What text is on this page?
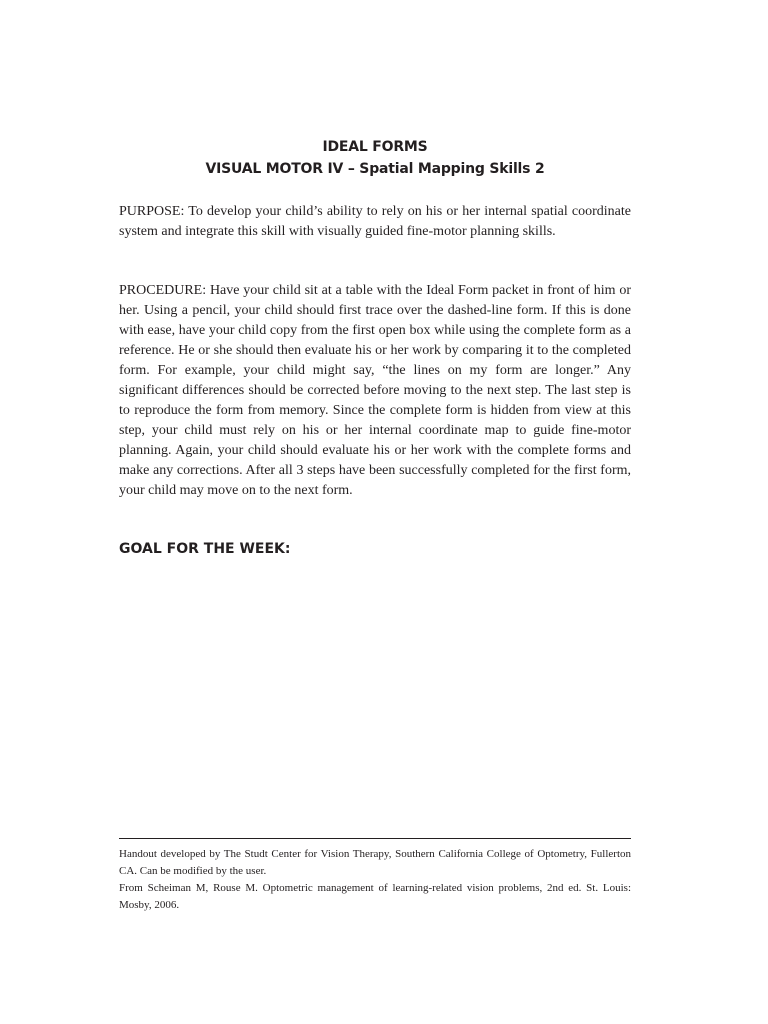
IDEAL FORMS
VISUAL MOTOR IV – Spatial Mapping Skills 2

PURPOSE: To develop your child’s ability to rely on his or her internal spatial coordinate system and integrate this skill with visually guided fine-motor planning skills.

PROCEDURE: Have your child sit at a table with the Ideal Form packet in front of him or her. Using a pencil, your child should first trace over the dashed-line form. If this is done with ease, have your child copy from the first open box while using the complete form as a reference. He or she should then evaluate his or her work by comparing it to the completed form. For example, your child might say, “the lines on my form are longer.” Any significant differences should be corrected before moving to the next step. The last step is to reproduce the form from memory. Since the complete form is hidden from view at this step, your child must rely on his or her internal coordinate map to guide fine-motor planning. Again, your child should evaluate his or her work with the complete forms and make any corrections. After all 3 steps have been successfully completed for the first form, your child may move on to the next form.

GOAL FOR THE WEEK:

Handout developed by The Studt Center for Vision Therapy, Southern California College of Optometry, Fullerton CA. Can be modified by the user.

From Scheiman M, Rouse M. Optometric management of learning-related vision problems, 2nd ed. St. Louis: Mosby, 2006.
